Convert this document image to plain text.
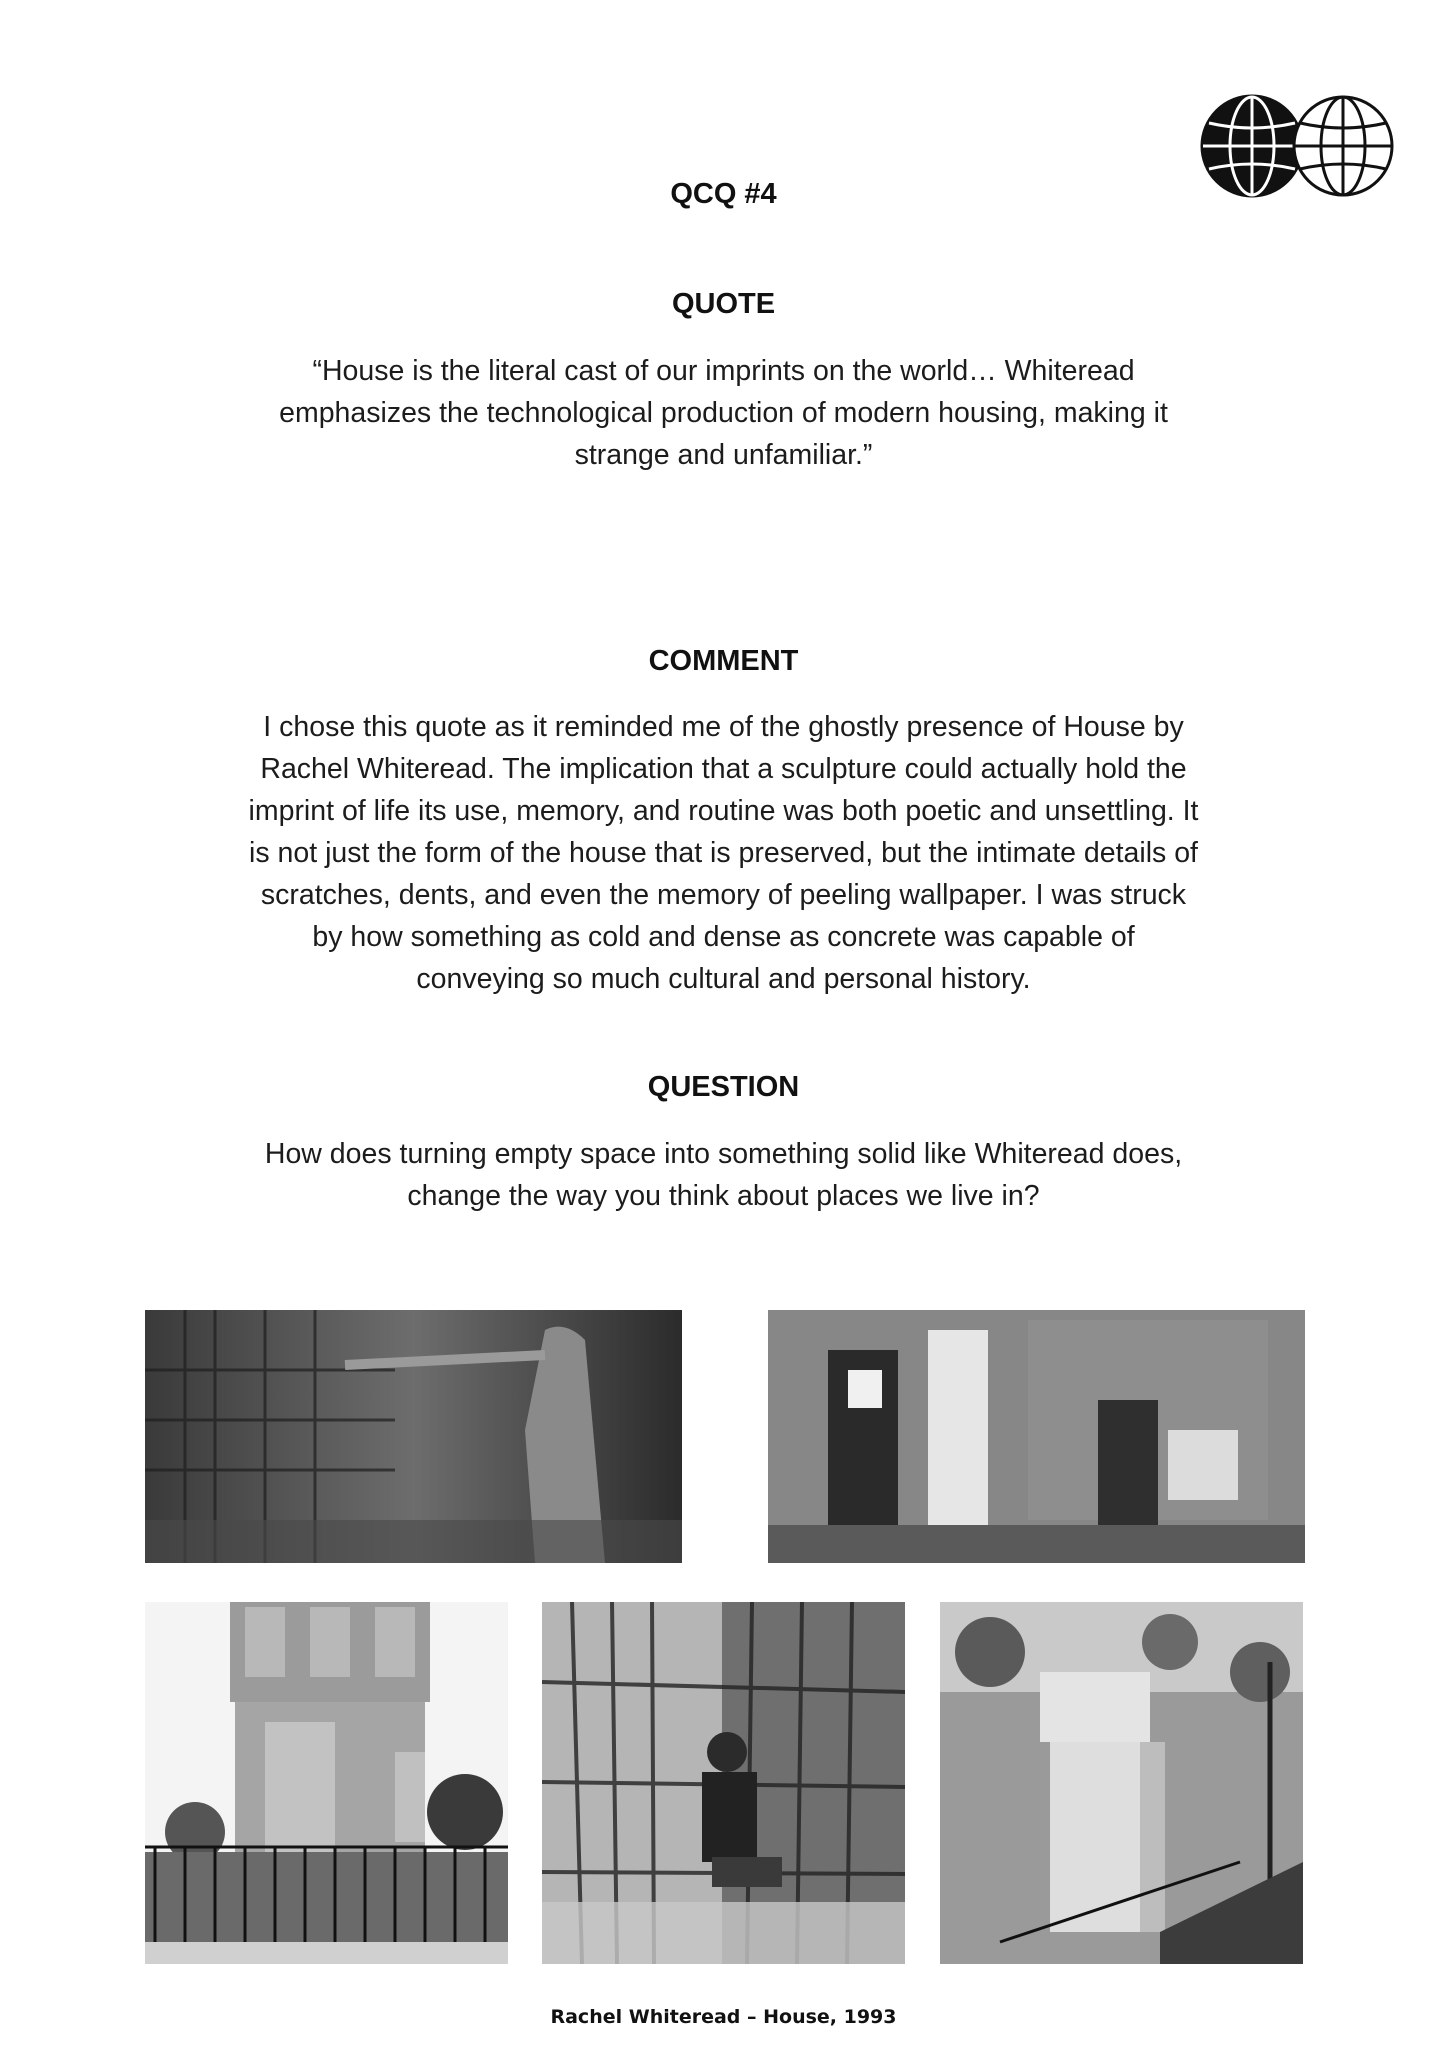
QCQ #4
QUOTE
“House is the literal cast of our imprints on the world… Whiteread
emphasizes the technological production of modern housing, making it
strange and unfamiliar.”
COMMENT
I chose this quote as it reminded me of the ghostly presence of House by
Rachel Whiteread. The implication that a sculpture could actually hold the
imprint of life its use, memory, and routine was both poetic and unsettling. It
is not just the form of the house that is preserved, but the intimate details of
scratches, dents, and even the memory of peeling wallpaper. I was struck
by how something as cold and dense as concrete was capable of
conveying so much cultural and personal history.
QUESTION
How does turning empty space into something solid like Whiteread does,
change the way you think about places we live in?
Rachel Whiteread – House, 1993
